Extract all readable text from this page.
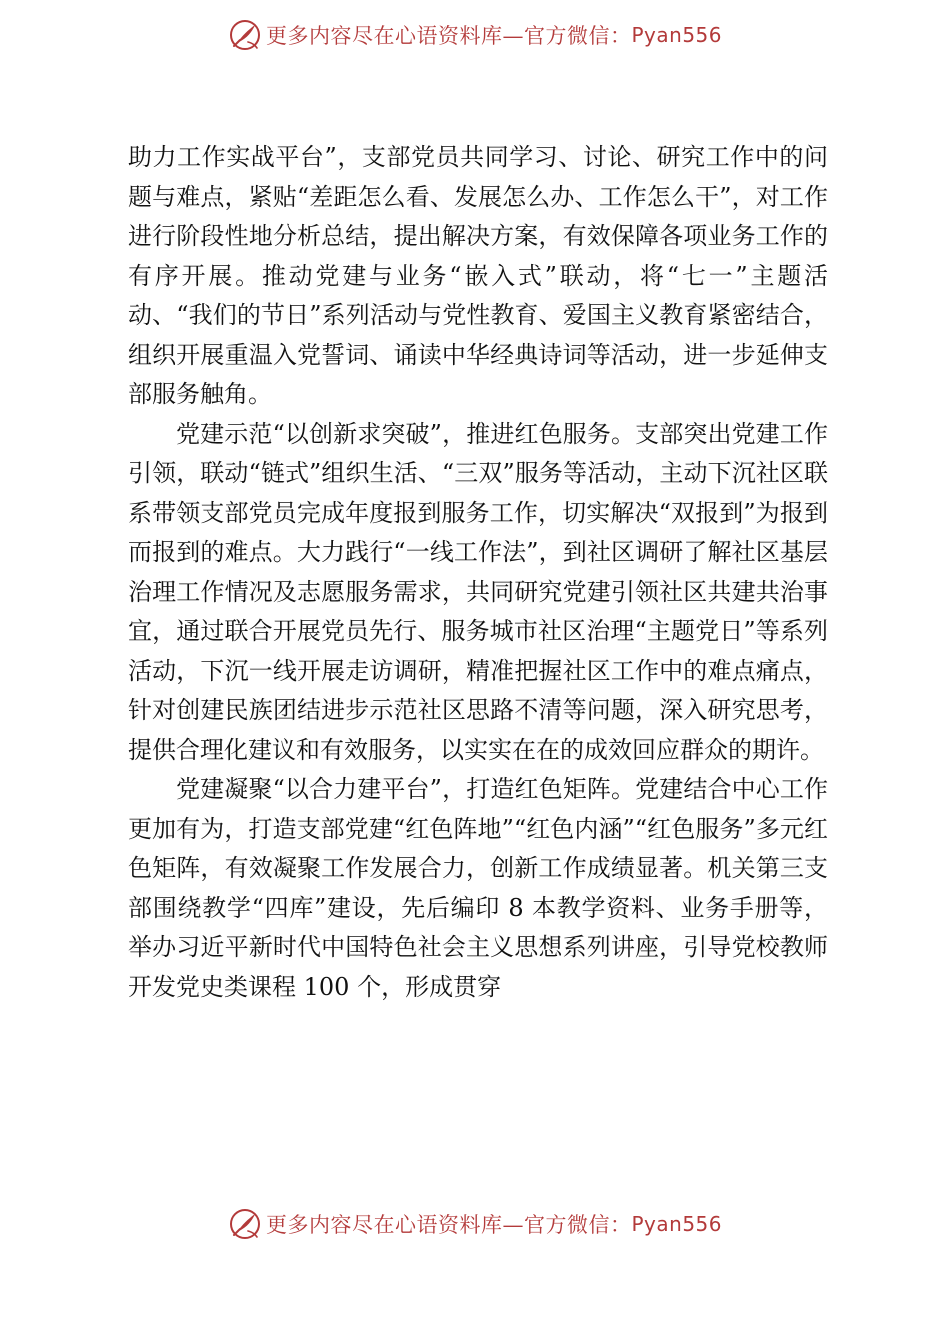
更多内容尽在心语资料库—官方微信： Pyan556

助力工作实战平台”，支部党员共同学习、讨论、研究工作中的问题与难点，紧贴“差距怎么看、发展怎么办、工作怎么干”，对工作进行阶段性地分析总结，提出解决方案，有效保障各项业务工作的有序开展。推动党建与业务“嵌入式”联动，将“七一”主题活动、“我们的节日”系列活动与党性教育、爱国主义教育紧密结合，组织开展重温入党誓词、诵读中华经典诗词等活动，进一步延伸支部服务触角。

党建示范“以创新求突破”，推进红色服务。支部突出党建工作引领，联动“链式”组织生活、“三双”服务等活动，主动下沉社区联系带领支部党员完成年度报到服务工作，切实解决“双报到”为报到而报到的难点。大力践行“一线工作法”，到社区调研了解社区基层治理工作情况及志愿服务需求，共同研究党建引领社区共建共治事宜，通过联合开展党员先行、服务城市社区治理“主题党日”等系列活动，下沉一线开展走访调研，精准把握社区工作中的难点痛点，针对创建民族团结进步示范社区思路不清等问题，深入研究思考，提供合理化建议和有效服务，以实实在在的成效回应群众的期许。

党建凝聚“以合力建平台”，打造红色矩阵。党建结合中心工作更加有为，打造支部党建“红色阵地”“红色内涵”“红色服务”多元红色矩阵，有效凝聚工作发展合力，创新工作成绩显著。机关第三支部围绕教学“四库”建设，先后编印 8 本教学资料、业务手册等，举办习近平新时代中国特色社会主义思想系列讲座，引导党校教师开发党史类课程 100 个，形成贯穿

更多内容尽在心语资料库—官方微信： Pyan556
